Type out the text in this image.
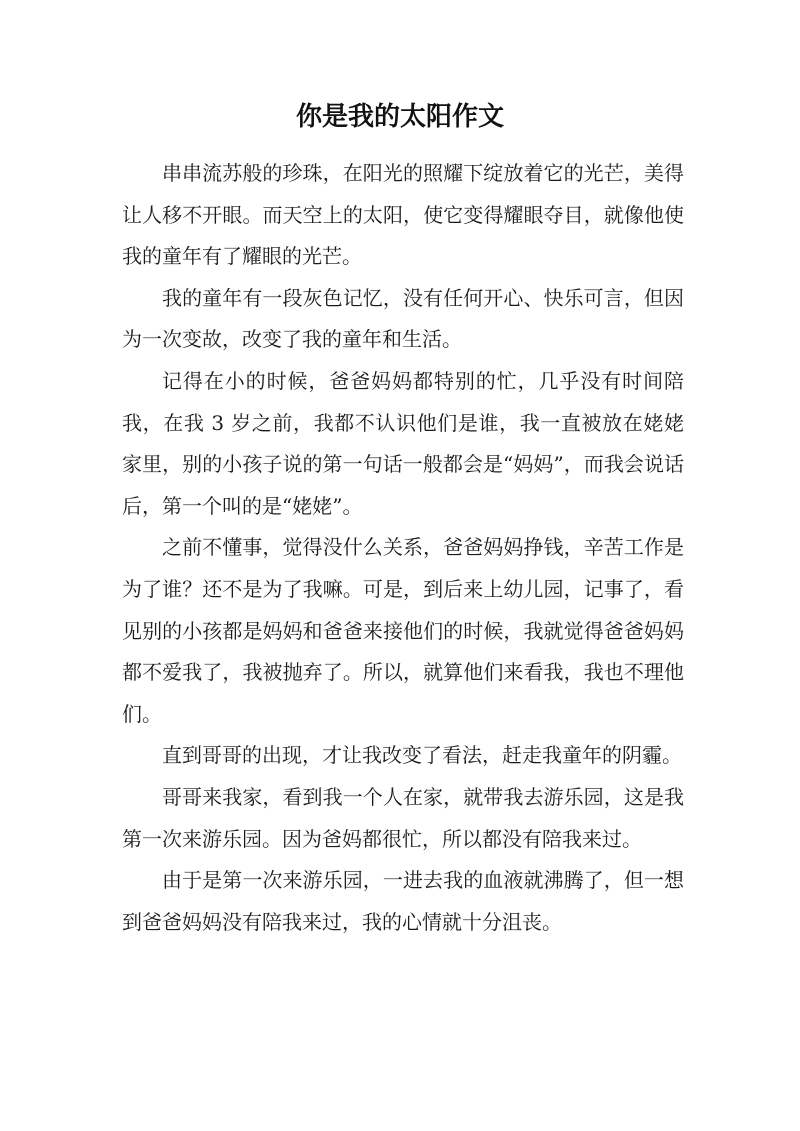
你是我的太阳作文

串串流苏般的珍珠，在阳光的照耀下绽放着它的光芒，美得让人移不开眼。而天空上的太阳，使它变得耀眼夺目，就像他使我的童年有了耀眼的光芒。

我的童年有一段灰色记忆，没有任何开心、快乐可言，但因为一次变故，改变了我的童年和生活。

记得在小的时候，爸爸妈妈都特别的忙，几乎没有时间陪我，在我 3 岁之前，我都不认识他们是谁，我一直被放在姥姥家里，别的小孩子说的第一句话一般都会是“妈妈”，而我会说话后，第一个叫的是“姥姥”。

之前不懂事，觉得没什么关系，爸爸妈妈挣钱，辛苦工作是为了谁？还不是为了我嘛。可是，到后来上幼儿园，记事了，看见别的小孩都是妈妈和爸爸来接他们的时候，我就觉得爸爸妈妈都不爱我了，我被抛弃了。所以，就算他们来看我，我也不理他们。

直到哥哥的出现，才让我改变了看法，赶走我童年的阴霾。

哥哥来我家，看到我一个人在家，就带我去游乐园，这是我第一次来游乐园。因为爸妈都很忙，所以都没有陪我来过。

由于是第一次来游乐园，一进去我的血液就沸腾了，但一想到爸爸妈妈没有陪我来过，我的心情就十分沮丧。
